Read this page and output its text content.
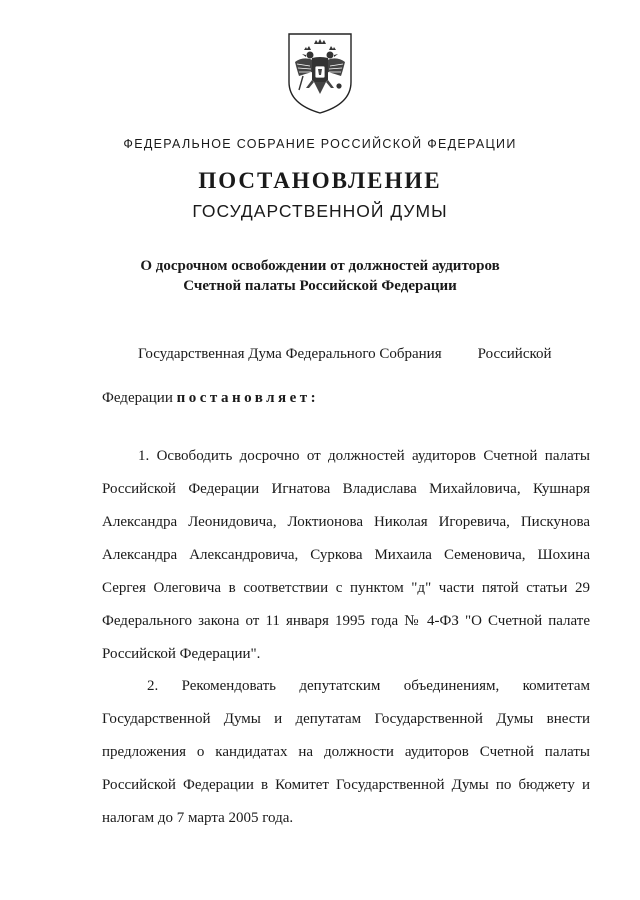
ФЕДЕРАЛЬНОЕ СОБРАНИЕ РОССИЙСКОЙ ФЕДЕРАЦИИ
ПОСТАНОВЛЕНИЕ
ГОСУДАРСТВЕННОЙ ДУМЫ
О досрочном освобождении от должностей аудиторов
Счетной палаты Российской Федерации
Государственная Дума Федерального Собрания Российской
Федерации постановляет:
1. Освободить досрочно от должностей аудиторов Счетной палаты
Российской Федерации Игнатова Владислава Михайловича, Кушнаря
Александра Леонидовича, Локтионова Николая Игоревича, Пискунова
Александра Александровича, Суркова Михаила Семеновича, Шохина
Сергея Олеговича в соответствии с пунктом "д" части пятой статьи 29
Федерального закона от 11 января 1995 года № 4-ФЗ "О Счетной палате
Российской Федерации".
2. Рекомендовать депутатским объединениям, комитетам
Государственной Думы и депутатам Государственной Думы внести
предложения о кандидатах на должности аудиторов Счетной палаты
Российской Федерации в Комитет Государственной Думы по бюджету и
налогам до 7 марта 2005 года.
